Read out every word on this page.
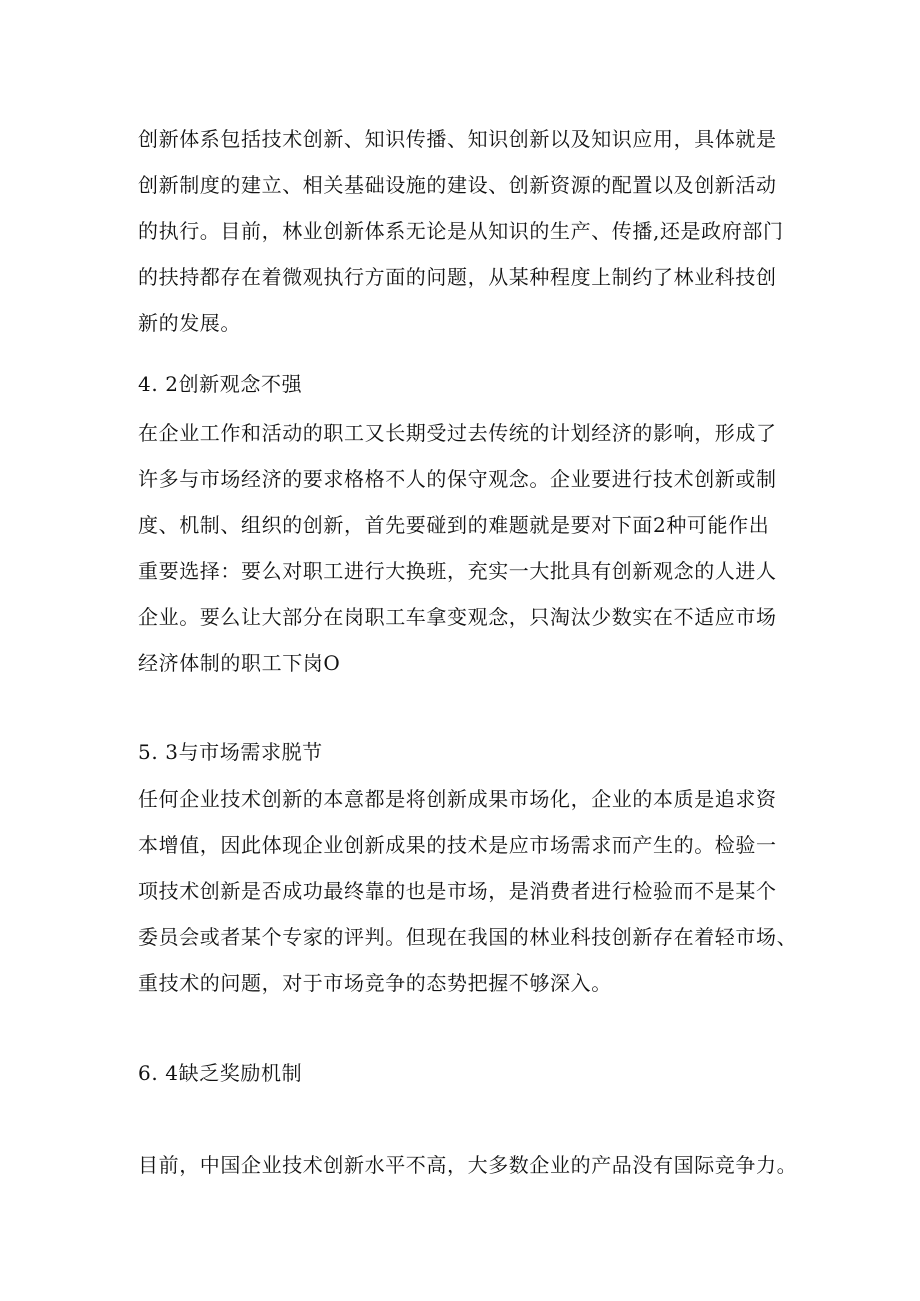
创新体系包括技术创新、知识传播、知识创新以及知识应用，具体就是
创新制度的建立、相关基础设施的建设、创新资源的配置以及创新活动
的执行。目前，林业创新体系无论是从知识的生产、传播,还是政府部门
的扶持都存在着微观执行方面的问题，从某种程度上制约了林业科技创
新的发展。

4. 2创新观念不强

在企业工作和活动的职工又长期受过去传统的计划经济的影响，形成了
许多与市场经济的要求格格不人的保守观念。企业要进行技术创新或制
度、机制、组织的创新，首先要碰到的难题就是要对下面2种可能作出
重要选择：要么对职工进行大换班，充实一大批具有创新观念的人进人
企业。要么让大部分在岗职工车拿变观念，只淘汰少数实在不适应市场
经济体制的职工下岗O

5. 3与市场需求脱节

任何企业技术创新的本意都是将创新成果市场化，企业的本质是追求资
本增值，因此体现企业创新成果的技术是应市场需求而产生的。检验一
项技术创新是否成功最终靠的也是市场，是消费者进行检验而不是某个
委员会或者某个专家的评判。但现在我国的林业科技创新存在着轻市场、
重技术的问题，对于市场竞争的态势把握不够深入。

6. 4缺乏奖励机制

目前，中国企业技术创新水平不高，大多数企业的产品没有国际竞争力。
